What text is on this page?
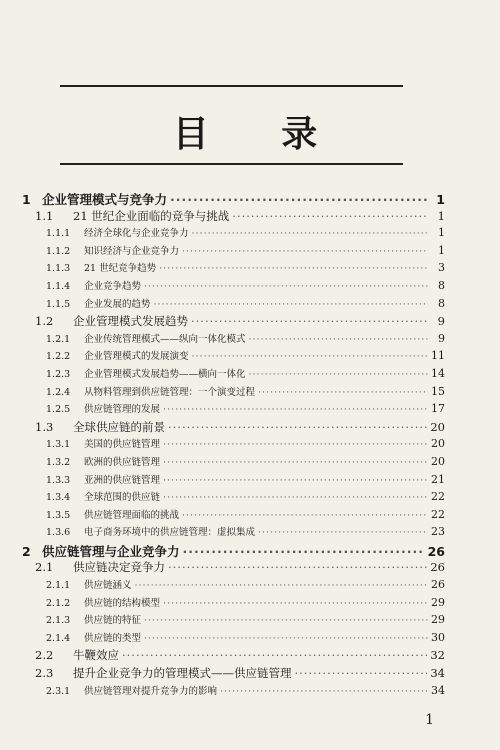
目 录
1 企业管理模式与竞争力 ·····	1
1.1	21 世纪企业面临的竞争与挑战 ·····	1
1.1.1	经济全球化与企业竞争力 ·····	1
1.1.2	知识经济与企业竞争力 ·····	1
1.1.3	21 世纪竞争趋势 ·····	3
1.1.4	企业竞争趋势 ·····	8
1.1.5	企业发展的趋势 ·····	8
1.2	企业管理模式发展趋势 ·····	9
1.2.1	企业传统管理模式——纵向一体化模式 ·····	9
1.2.2	企业管理模式的发展演变 ·····	11
1.2.3	企业管理模式发展趋势——横向一体化 ·····	14
1.2.4	从物料管理到供应链管理：一个演变过程 ·····	15
1.2.5	供应链管理的发展 ·····	17
1.3	全球供应链的前景 ·····	20
1.3.1	美国的供应链管理 ·····	20
1.3.2	欧洲的供应链管理 ·····	20
1.3.3	亚洲的供应链管理 ·····	21
1.3.4	全球范围的供应链 ·····	22
1.3.5	供应链管理面临的挑战 ·····	22
1.3.6	电子商务环境中的供应链管理：虚拟集成 ·····	23
2 供应链管理与企业竞争力 ·····	26
2.1	供应链决定竞争力 ·····	26
2.1.1	供应链涵义 ·····	26
2.1.2	供应链的结构模型 ·····	29
2.1.3	供应链的特征 ·····	29
2.1.4	供应链的类型 ·····	30
2.2	牛鞭效应 ·····	32
2.3	提升企业竞争力的管理模式——供应链管理 ·····	34
2.3.1	供应链管理对提升竞争力的影响 ·····	34
1
